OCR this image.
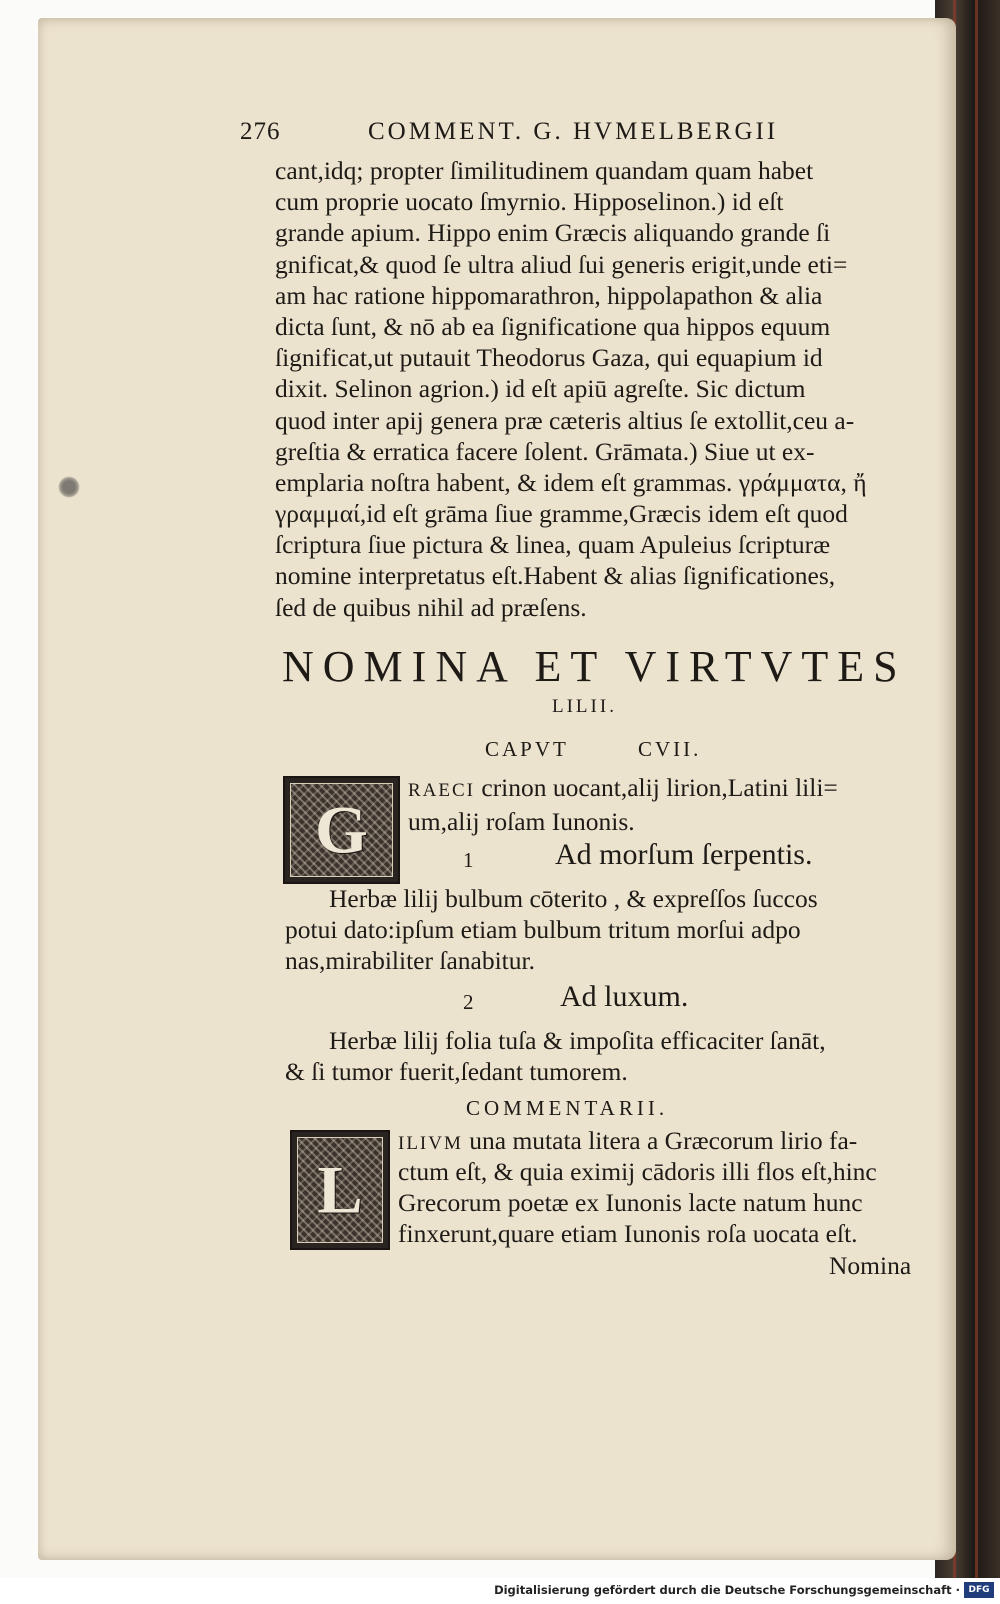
276	COMMENT. G. HVMELBERGII
cant,idq; propter ſimilitudinem quandam quam habet
cum proprie uocato ſmyrnio. Hipposelinon.) id eſt
grande apium. Hippo enim Græcis aliquando grande ſi
gnificat,& quod ſe ultra aliud ſui generis erigit,unde eti=
am hac ratione hippomarathron, hippolapathon & alia
dicta ſunt, & nō ab ea ſignificatione qua hippos equum
ſignificat,ut putauit Theodorus Gaza, qui equapium id
dixit. Selinon agrion.) id eſt apiū agreſte. Sic dictum
quod inter apij genera præ cæteris altius ſe extollit,ceu a-
greſtia & erratica facere ſolent. Grāmata.) Siue ut ex-
emplaria noſtra habent, & idem eſt grammas. γράμματα, ἤ
γραμμαί,id eſt grāma ſiue gramme,Græcis idem eſt quod
ſcriptura ſiue pictura & linea, quam Apuleius ſcripturæ
nomine interpretatus eſt.Habent & alias ſignificationes,
ſed de quibus nihil ad præſens.
NOMINA ET VIRTVTES
LILII.
CAPVT	CVII.
G
RAECI crinon uocant,alij lirion,Latini lili=
um,alij roſam Iunonis.
1	Ad morſum ſerpentis.
Herbæ lilij bulbum cōterito , & expreſſos ſuccos
potui dato:ipſum etiam bulbum tritum morſui adpo
nas,mirabiliter ſanabitur.
2	Ad luxum.
Herbæ lilij folia tuſa & impoſita efficaciter ſanāt,
& ſi tumor fuerit,ſedant tumorem.
COMMENTARII.
L
ILIVM una mutata litera a Græcorum lirio fa-
ctum eſt, & quia eximij cādoris illi flos eſt,hinc
Grecorum poetæ ex Iunonis lacte natum hunc
finxerunt,quare etiam Iunonis roſa uocata eſt.
Nomina
Digitalisierung gefördert durch die Deutsche Forschungsgemeinschaft · DFG
